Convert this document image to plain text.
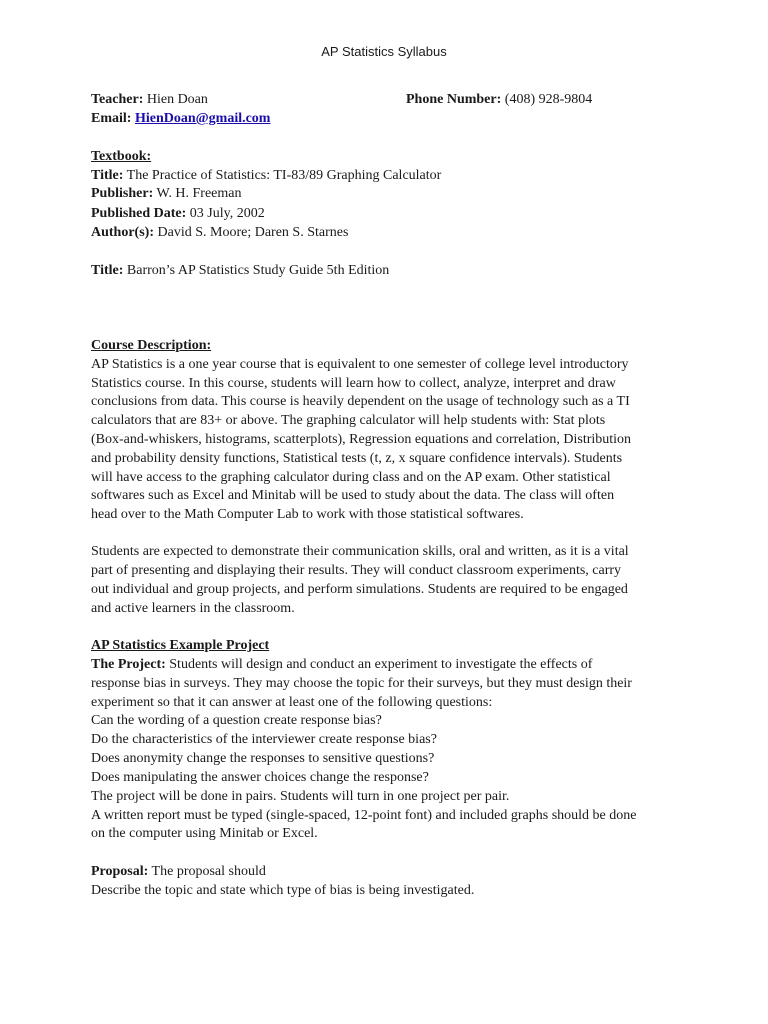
AP Statistics Syllabus
Teacher: Hien Doan	Phone Number: (408) 928-9804
Email: HienDoan@gmail.com
Textbook:
Title: The Practice of Statistics: TI-83/89 Graphing Calculator
Publisher: W. H. Freeman
Published Date: 03 July, 2002
Author(s): David S. Moore; Daren S. Starnes
Title: Barron’s AP Statistics Study Guide 5th Edition
Course Description:
AP Statistics is a one year course that is equivalent to one semester of college level introductory
Statistics course. In this course, students will learn how to collect, analyze, interpret and draw
conclusions from data. This course is heavily dependent on the usage of technology such as a TI
calculators that are 83+ or above. The graphing calculator will help students with: Stat plots
(Box-and-whiskers, histograms, scatterplots), Regression equations and correlation, Distribution
and probability density functions, Statistical tests (t, z, x square confidence intervals). Students
will have access to the graphing calculator during class and on the AP exam. Other statistical
softwares such as Excel and Minitab will be used to study about the data. The class will often
head over to the Math Computer Lab to work with those statistical softwares.
Students are expected to demonstrate their communication skills, oral and written, as it is a vital
part of presenting and displaying their results. They will conduct classroom experiments, carry
out individual and group projects, and perform simulations. Students are required to be engaged
and active learners in the classroom.
AP Statistics Example Project
The Project: Students will design and conduct an experiment to investigate the effects of
response bias in surveys. They may choose the topic for their surveys, but they must design their
experiment so that it can answer at least one of the following questions:
Can the wording of a question create response bias?
Do the characteristics of the interviewer create response bias?
Does anonymity change the responses to sensitive questions?
Does manipulating the answer choices change the response?
The project will be done in pairs. Students will turn in one project per pair.
A written report must be typed (single-spaced, 12-point font) and included graphs should be done
on the computer using Minitab or Excel.
Proposal: The proposal should
Describe the topic and state which type of bias is being investigated.
